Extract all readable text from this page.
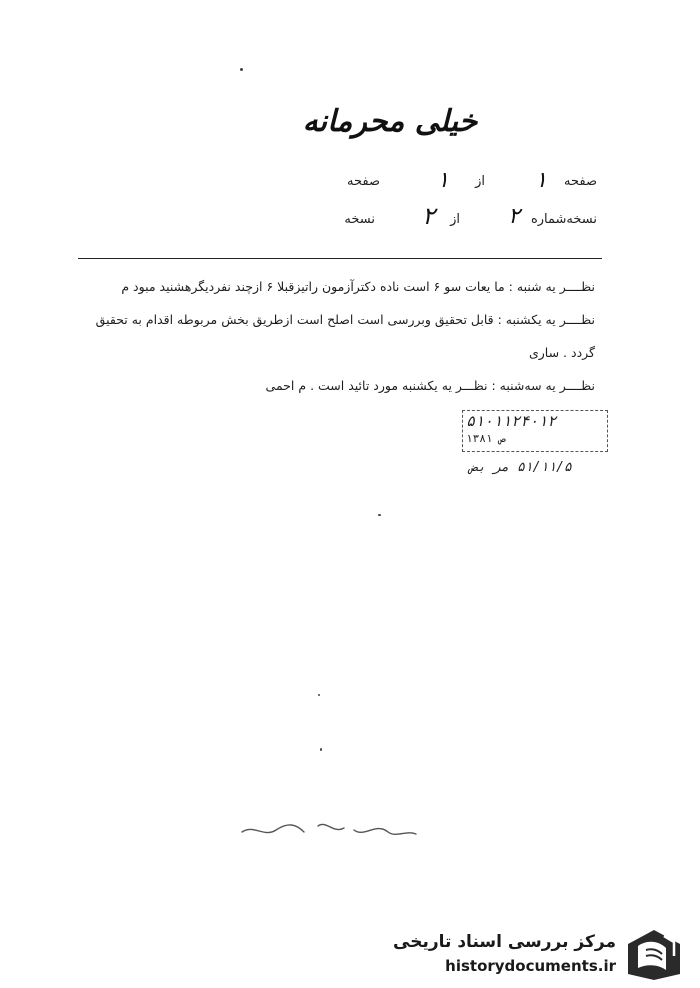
خیلی محرمانه
صفحه
۱
از
۱
صفحه
نسخه‌شماره
۲
از
۲
نسخه
نظــــر یه شنبه : ما یعات سو ۶ است ناده دکترآزمون راتیزقبلا ۶ ازچند نفردیگرهشنید مبود م
نظــــر یه یکشنبه : قابل تحقیق وبررسی است اصلح است ازطریق بخش مربوطه اقدام به تحقیق
گردد . ساری
نظــــر یه سه‌شنبه : نظـــر یه یکشنبه مورد تائید است . م احمی
۵۱۰۱۱۲۴۰۱۲
ص ۱۳۸۱
۵۱/۱۱/۵ مر بض
مرکز بررسی اسناد تاریخی
historydocuments.ir
